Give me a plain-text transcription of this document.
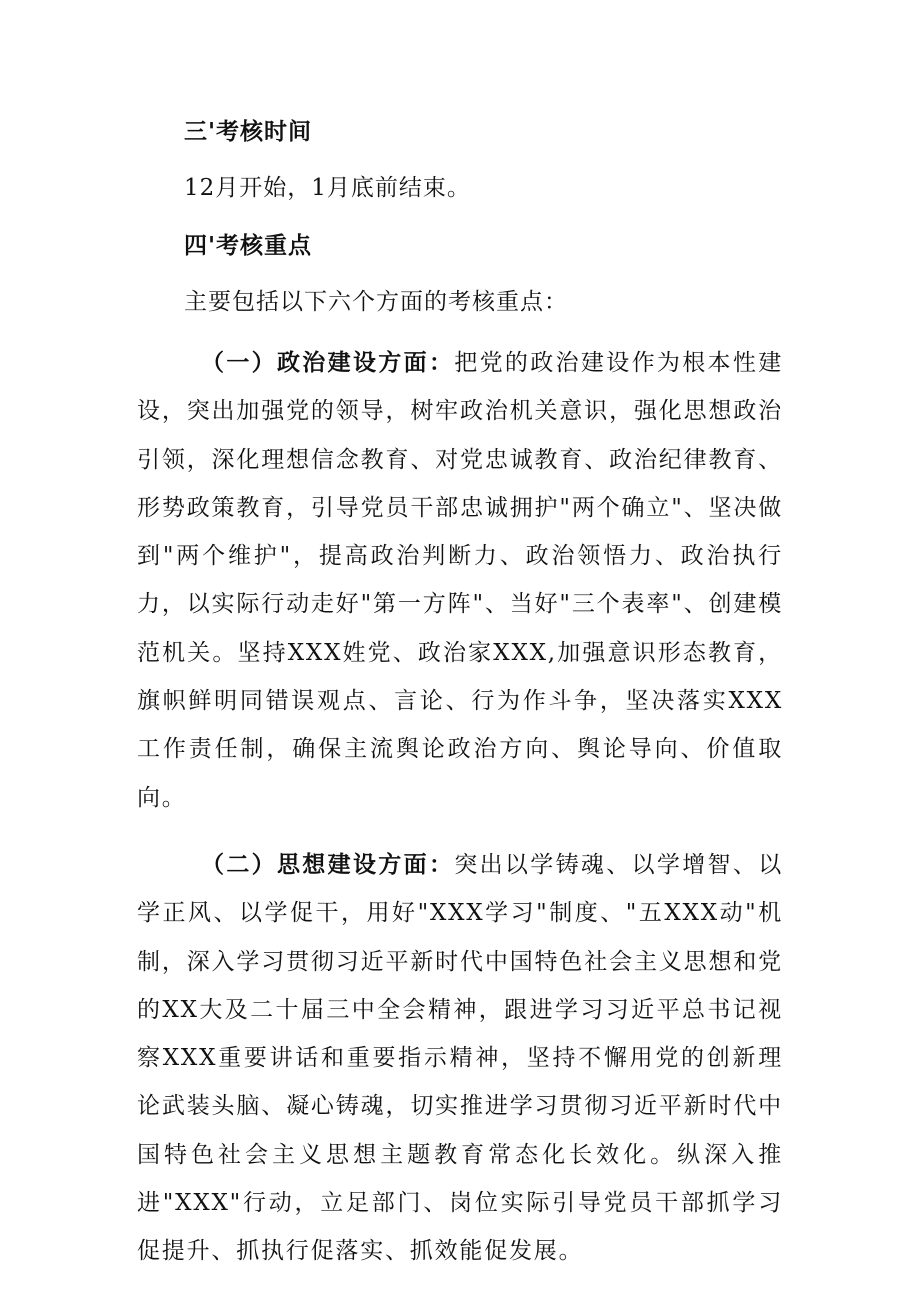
三'考核时间

12月开始，1月底前结束。

四'考核重点

主要包括以下六个方面的考核重点：

（一）政治建设方面：把党的政治建设作为根本性建设，突出加强党的领导，树牢政治机关意识，强化思想政治引领，深化理想信念教育、对党忠诚教育、政治纪律教育、形势政策教育，引导党员干部忠诚拥护"两个确立"、坚决做到"两个维护"，提高政治判断力、政治领悟力、政治执行力，以实际行动走好"第一方阵"、当好"三个表率"、创建模范机关。坚持XXX姓党、政治家XXX,加强意识形态教育，旗帜鲜明同错误观点、言论、行为作斗争，坚决落实XXX工作责任制，确保主流舆论政治方向、舆论导向、价值取向。

（二）思想建设方面：突出以学铸魂、以学增智、以学正风、以学促干，用好"XXX学习"制度、"五XXX动"机制，深入学习贯彻习近平新时代中国特色社会主义思想和党的XX大及二十届三中全会精神，跟进学习习近平总书记视察XXX重要讲话和重要指示精神，坚持不懈用党的创新理论武装头脑、凝心铸魂，切实推进学习贯彻习近平新时代中国特色社会主义思想主题教育常态化长效化。纵深入推进"XXX"行动，立足部门、岗位实际引导党员干部抓学习促提升、抓执行促落实、抓效能促发展。
